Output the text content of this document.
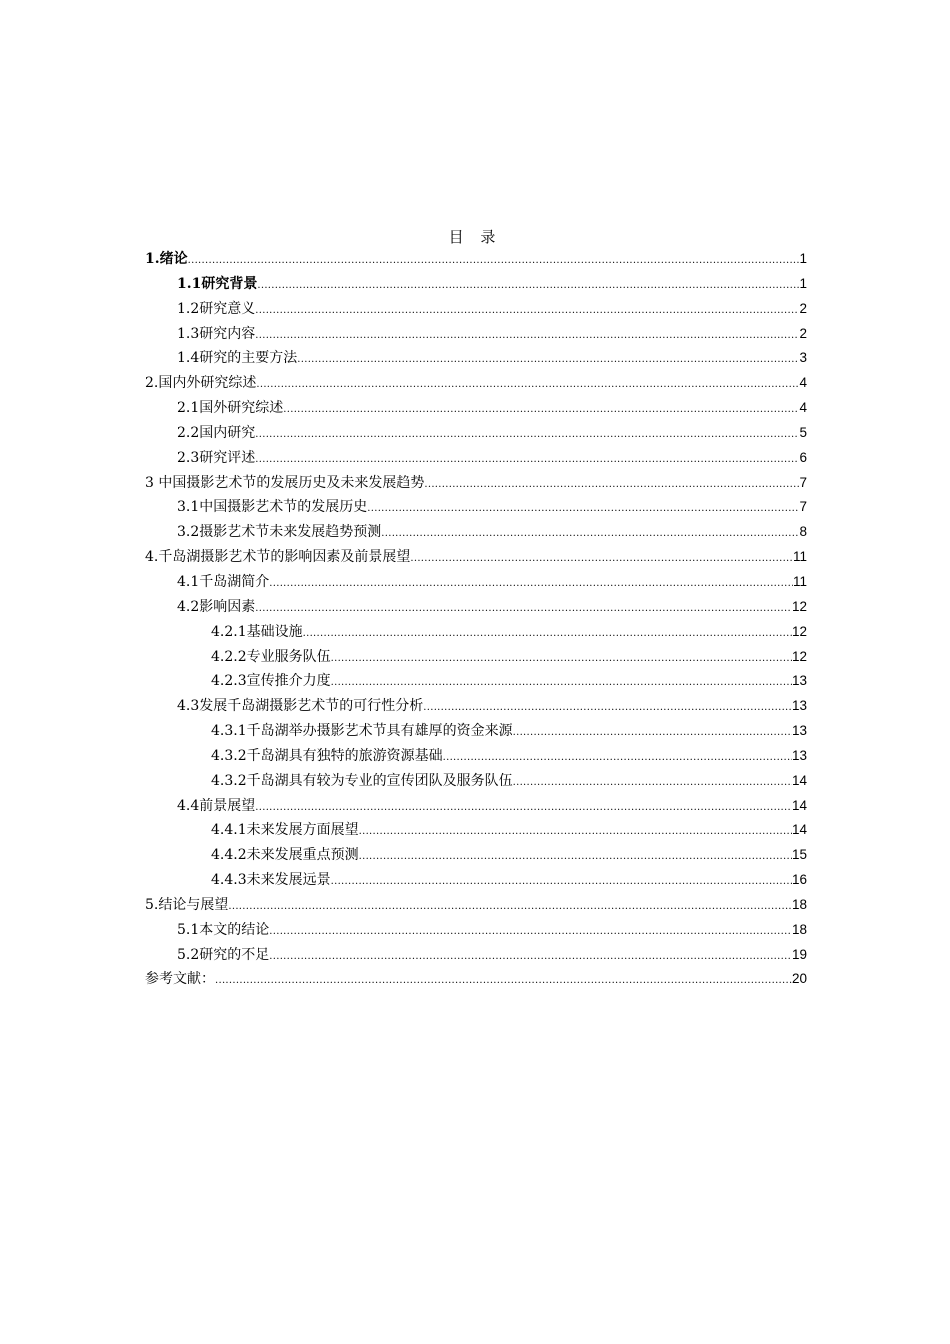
目 录
1.绪论 .....	1
1.1研究背景 .....	1
1.2研究意义 .....	2
1.3研究内容 .....	2
1.4研究的主要方法 .....	3
2.国内外研究综述 .....	4
2.1国外研究综述 .....	4
2.2国内研究 .....	5
2.3研究评述 .....	6
3 中国摄影艺术节的发展历史及未来发展趋势 .....	7
3.1中国摄影艺术节的发展历史 .....	7
3.2摄影艺术节未来发展趋势预测 .....	8
4.千岛湖摄影艺术节的影响因素及前景展望 .....	11
4.1千岛湖简介 .....	11
4.2影响因素 .....	12
4.2.1基础设施 .....	12
4.2.2专业服务队伍 .....	12
4.2.3宣传推介力度 .....	13
4.3发展千岛湖摄影艺术节的可行性分析 .....	13
4.3.1千岛湖举办摄影艺术节具有雄厚的资金来源 .....	13
4.3.2千岛湖具有独特的旅游资源基础 .....	13
4.3.2千岛湖具有较为专业的宣传团队及服务队伍 .....	14
4.4前景展望 .....	14
4.4.1未来发展方面展望 .....	14
4.4.2未来发展重点预测 .....	15
4.4.3未来发展远景 .....	16
5.结论与展望 .....	18
5.1本文的结论 .....	18
5.2研究的不足 .....	19
参考文献： .....	20
